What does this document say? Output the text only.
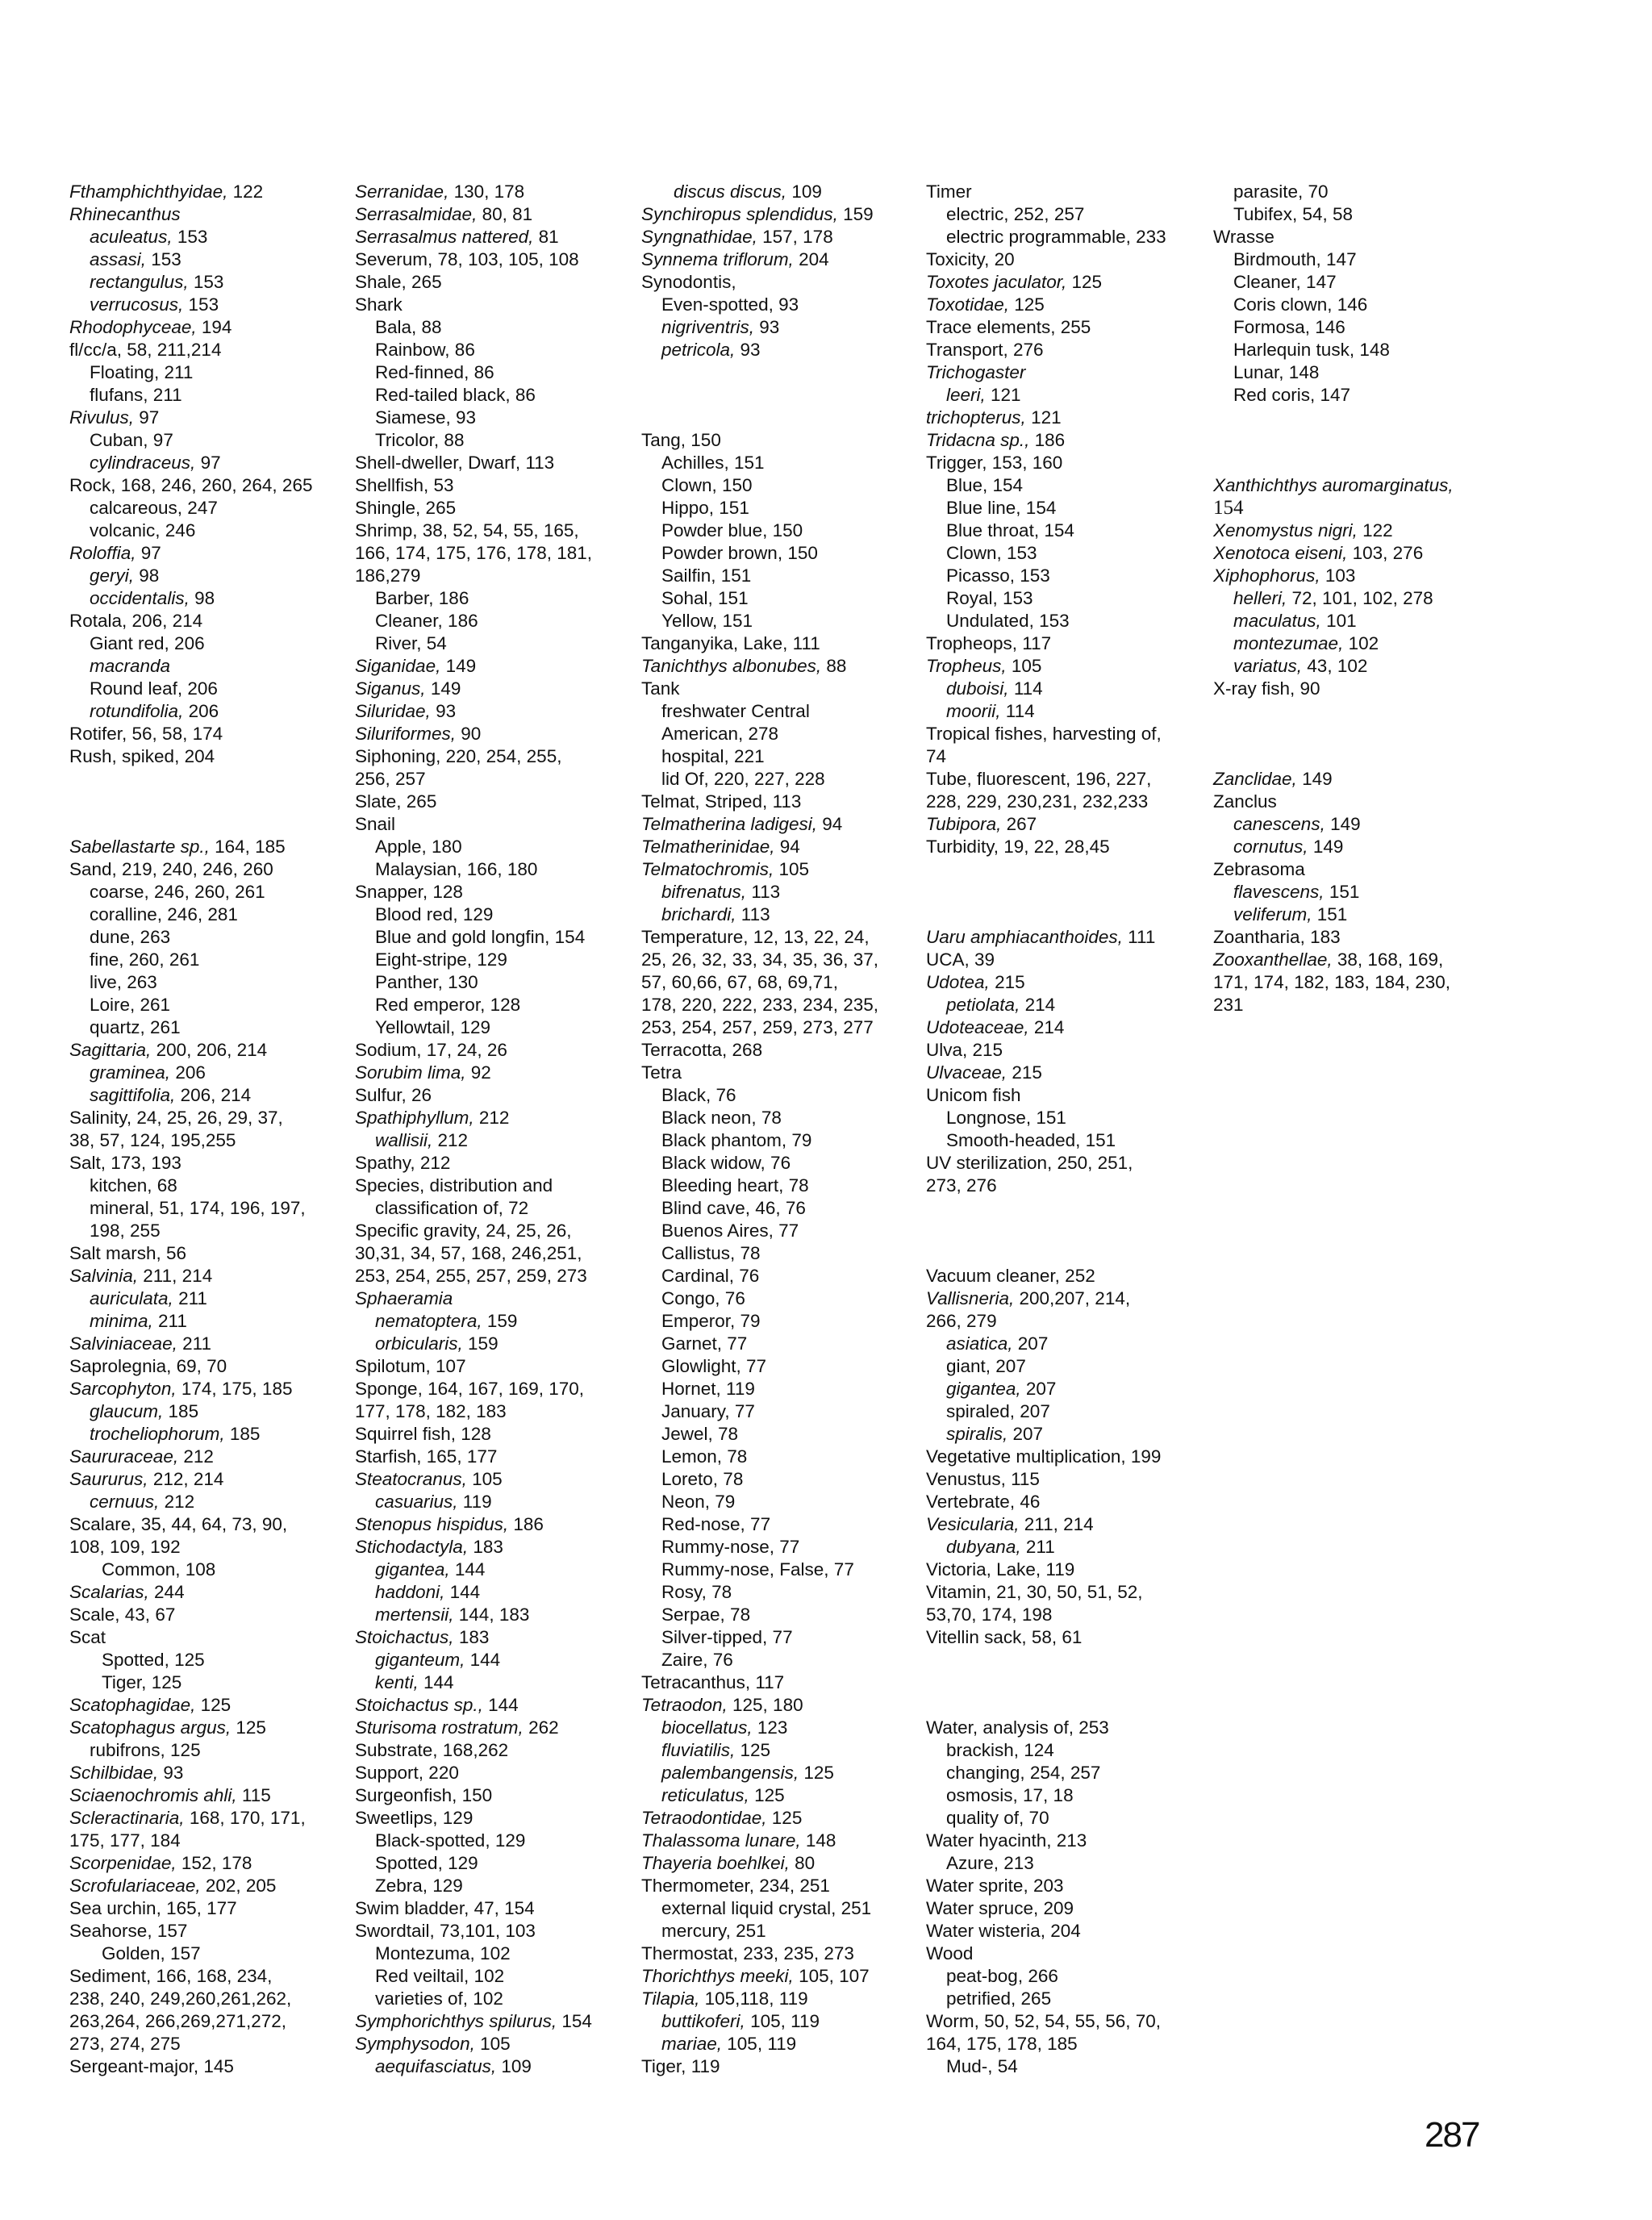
Fthamphichthyidae, 122
Rhinecanthus
aculeatus, 153
assasi, 153
rectangulus, 153
verrucosus, 153
Rhodophyceae, 194
fl/cc/a, 58, 211,214
Floating, 211
flufans, 211
Rivulus, 97
Cuban, 97
cylindraceus, 97
Rock, 168, 246, 260, 264, 265
calcareous, 247
volcanic, 246
Roloffia, 97
geryi, 98
occidentalis, 98
Rotala, 206, 214
Giant red, 206
macranda
Round leaf, 206
rotundifolia, 206
Rotifer, 56, 58, 174
Rush, spiked, 204
Sabellastarte sp., 164, 185
Sand, 219, 240, 246, 260
coarse, 246, 260, 261
coralline, 246, 281
dune, 263
fine, 260, 261
live, 263
Loire, 261
quartz, 261
Sagittaria, 200, 206, 214
graminea, 206
sagittifolia, 206, 214
Salinity, 24, 25, 26, 29, 37,
38, 57, 124, 195,255
Salt, 173, 193
kitchen, 68
mineral, 51, 174, 196, 197,
198, 255
Salt marsh, 56
Salvinia, 211, 214
auriculata, 211
minima, 211
Salviniaceae, 211
Saprolegnia, 69, 70
Sarcophyton, 174, 175, 185
glaucum, 185
trocheliophorum, 185
Saururaceae, 212
Saururus, 212, 214
cernuus, 212
Scalare, 35, 44, 64, 73, 90,
108, 109, 192
Common, 108
Scalarias, 244
Scale, 43, 67
Scat
Spotted, 125
Tiger, 125
Scatophagidae, 125
Scatophagus argus, 125
rubifrons, 125
Schilbidae, 93
Sciaenochromis ahli, 115
Scleractinaria, 168, 170, 171,
175, 177, 184
Scorpenidae, 152, 178
Scrofulariaceae, 202, 205
Sea urchin, 165, 177
Seahorse, 157
Golden, 157
Sediment, 166, 168, 234,
238, 240, 249,260,261,262,
263,264, 266,269,271,272,
273, 274, 275
Sergeant-major, 145
Serranidae, 130, 178
Serrasalmidae, 80, 81
Serrasalmus nattered, 81
Severum, 78, 103, 105, 108
Shale, 265
Shark
Bala, 88
Rainbow, 86
Red-finned, 86
Red-tailed black, 86
Siamese, 93
Tricolor, 88
Shell-dweller, Dwarf, 113
Shellfish, 53
Shingle, 265
Shrimp, 38, 52, 54, 55, 165,
166, 174, 175, 176, 178, 181,
186,279
Barber, 186
Cleaner, 186
River, 54
Siganidae, 149
Siganus, 149
Siluridae, 93
Siluriformes, 90
Siphoning, 220, 254, 255,
256, 257
Slate, 265
Snail
Apple, 180
Malaysian, 166, 180
Snapper, 128
Blood red, 129
Blue and gold longfin, 154
Eight-stripe, 129
Panther, 130
Red emperor, 128
Yellowtail, 129
Sodium, 17, 24, 26
Sorubim lima, 92
Sulfur, 26
Spathiphyllum, 212
wallisii, 212
Spathy, 212
Species, distribution and
classification of, 72
Specific gravity, 24, 25, 26,
30,31, 34, 57, 168, 246,251,
253, 254, 255, 257, 259, 273
Sphaeramia
nematoptera, 159
orbicularis, 159
Spilotum, 107
Sponge, 164, 167, 169, 170,
177, 178, 182, 183
Squirrel fish, 128
Starfish, 165, 177
Steatocranus, 105
casuarius, 119
Stenopus hispidus, 186
Stichodactyla, 183
gigantea, 144
haddoni, 144
mertensii, 144, 183
Stoichactus, 183
giganteum, 144
kenti, 144
Stoichactus sp., 144
Sturisoma rostratum, 262
Substrate, 168,262
Support, 220
Surgeonfish, 150
Sweetlips, 129
Black-spotted, 129
Spotted, 129
Zebra, 129
Swim bladder, 47, 154
Swordtail, 73,101, 103
Montezuma, 102
Red veiltail, 102
varieties of, 102
Symphorichthys spilurus, 154
Symphysodon, 105
aequifasciatus, 109
discus discus, 109
Synchiropus splendidus, 159
Syngnathidae, 157, 178
Synnema triflorum, 204
Synodontis,
Even-spotted, 93
nigriventris, 93
petricola, 93
Tang, 150
Achilles, 151
Clown, 150
Hippo, 151
Powder blue, 150
Powder brown, 150
Sailfin, 151
Sohal, 151
Yellow, 151
Tanganyika, Lake, 111
Tanichthys albonubes, 88
Tank
freshwater Central
American, 278
hospital, 221
lid Of, 220, 227, 228
Telmat, Striped, 113
Telmatherina ladigesi, 94
Telmatherinidae, 94
Telmatochromis, 105
bifrenatus, 113
brichardi, 113
Temperature, 12, 13, 22, 24,
25, 26, 32, 33, 34, 35, 36, 37,
57, 60,66, 67, 68, 69,71,
178, 220, 222, 233, 234, 235,
253, 254, 257, 259, 273, 277
Terracotta, 268
Tetra
Black, 76
Black neon, 78
Black phantom, 79
Black widow, 76
Bleeding heart, 78
Blind cave, 46, 76
Buenos Aires, 77
Callistus, 78
Cardinal, 76
Congo, 76
Emperor, 79
Garnet, 77
Glowlight, 77
Hornet, 119
January, 77
Jewel, 78
Lemon, 78
Loreto, 78
Neon, 79
Red-nose, 77
Rummy-nose, 77
Rummy-nose, False, 77
Rosy, 78
Serpae, 78
Silver-tipped, 77
Zaire, 76
Tetracanthus, 117
Tetraodon, 125, 180
biocellatus, 123
fluviatilis, 125
palembangensis, 125
reticulatus, 125
Tetraodontidae, 125
Thalassoma lunare, 148
Thayeria boehlkei, 80
Thermometer, 234, 251
external liquid crystal, 251
mercury, 251
Thermostat, 233, 235, 273
Thorichthys meeki, 105, 107
Tilapia, 105,118, 119
buttikoferi, 105, 119
mariae, 105, 119
Tiger, 119
Timer
electric, 252, 257
electric programmable, 233
Toxicity, 20
Toxotes jaculator, 125
Toxotidae, 125
Trace elements, 255
Transport, 276
Trichogaster
leeri, 121
trichopterus, 121
Tridacna sp., 186
Trigger, 153, 160
Blue, 154
Blue line, 154
Blue throat, 154
Clown, 153
Picasso, 153
Royal, 153
Undulated, 153
Tropheops, 117
Tropheus, 105
duboisi, 114
moorii, 114
Tropical fishes, harvesting of,
74
Tube, fluorescent, 196, 227,
228, 229, 230,231, 232,233
Tubipora, 267
Turbidity, 19, 22, 28,45
Uaru amphiacanthoides, 111
UCA, 39
Udotea, 215
petiolata, 214
Udoteaceae, 214
Ulva, 215
Ulvaceae, 215
Unicom fish
Longnose, 151
Smooth-headed, 151
UV sterilization, 250, 251,
273, 276
Vacuum cleaner, 252
Vallisneria, 200,207, 214,
266, 279
asiatica, 207
giant, 207
gigantea, 207
spiraled, 207
spiralis, 207
Vegetative multiplication, 199
Venustus, 115
Vertebrate, 46
Vesicularia, 211, 214
dubyana, 211
Victoria, Lake, 119
Vitamin, 21, 30, 50, 51, 52,
53,70, 174, 198
Vitellin sack, 58, 61
Water, analysis of, 253
brackish, 124
changing, 254, 257
osmosis, 17, 18
quality of, 70
Water hyacinth, 213
Azure, 213
Water sprite, 203
Water spruce, 209
Water wisteria, 204
Wood
peat-bog, 266
petrified, 265
Worm, 50, 52, 54, 55, 56, 70,
164, 175, 178, 185
Mud-, 54
parasite, 70
Tubifex, 54, 58
Wrasse
Birdmouth, 147
Cleaner, 147
Coris clown, 146
Formosa, 146
Harlequin tusk, 148
Lunar, 148
Red coris, 147
Xanthichthys auromarginatus,
154
Xenomystus nigri, 122
Xenotoca eiseni, 103, 276
Xiphophorus, 103
helleri, 72, 101, 102, 278
maculatus, 101
montezumae, 102
variatus, 43, 102
X-ray fish, 90
Zanclidae, 149
Zanclus
canescens, 149
cornutus, 149
Zebrasoma
flavescens, 151
veliferum, 151
Zoantharia, 183
Zooxanthellae, 38, 168, 169,
171, 174, 182, 183, 184, 230,
231
287
